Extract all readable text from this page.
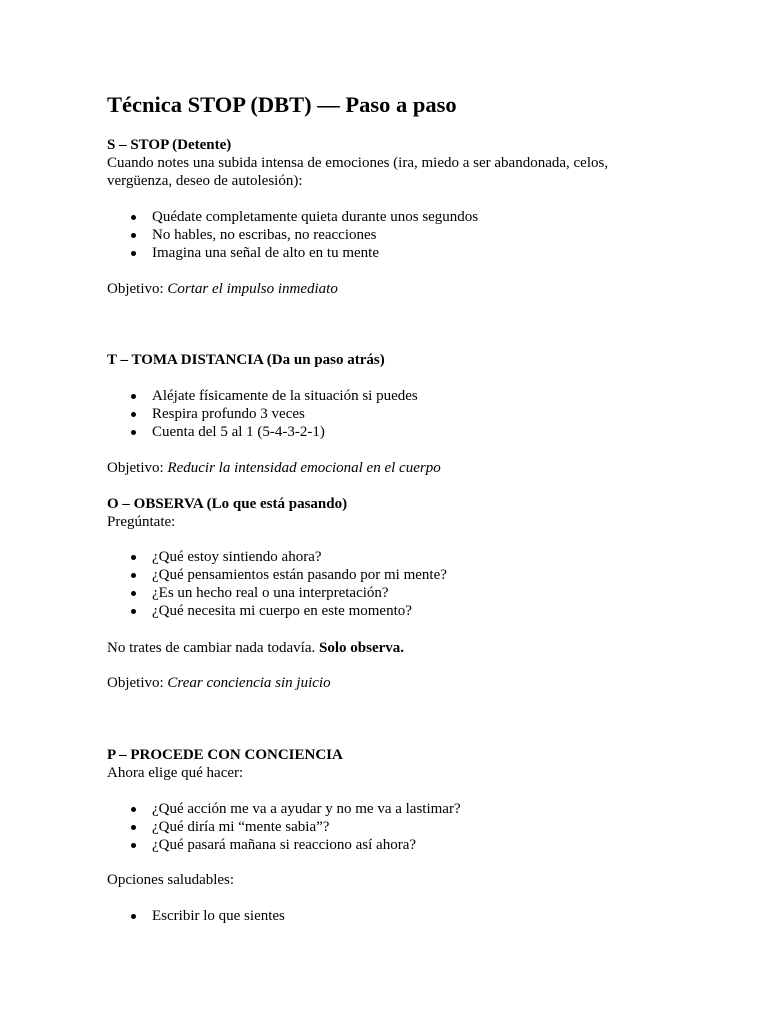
Técnica STOP (DBT) — Paso a paso

S – STOP (Detente)

Cuando notes una subida intensa de emociones (ira, miedo a ser abandonada, celos,

vergüenza, deseo de autolesión):

Quédate completamente quieta durante unos segundos
No hables, no escribas, no reacciones
Imagina una señal de alto en tu mente

Objetivo: Cortar el impulso inmediato

T – TOMA DISTANCIA (Da un paso atrás)

Aléjate físicamente de la situación si puedes
Respira profundo 3 veces
Cuenta del 5 al 1 (5-4-3-2-1)

Objetivo: Reducir la intensidad emocional en el cuerpo

O – OBSERVA (Lo que está pasando)

Pregúntate:

¿Qué estoy sintiendo ahora?
¿Qué pensamientos están pasando por mi mente?
¿Es un hecho real o una interpretación?
¿Qué necesita mi cuerpo en este momento?

No trates de cambiar nada todavía. Solo observa.

Objetivo: Crear conciencia sin juicio

P – PROCEDE CON CONCIENCIA

Ahora elige qué hacer:

¿Qué acción me va a ayudar y no me va a lastimar?
¿Qué diría mi “mente sabia”?
¿Qué pasará mañana si reacciono así ahora?

Opciones saludables:

Escribir lo que sientes
